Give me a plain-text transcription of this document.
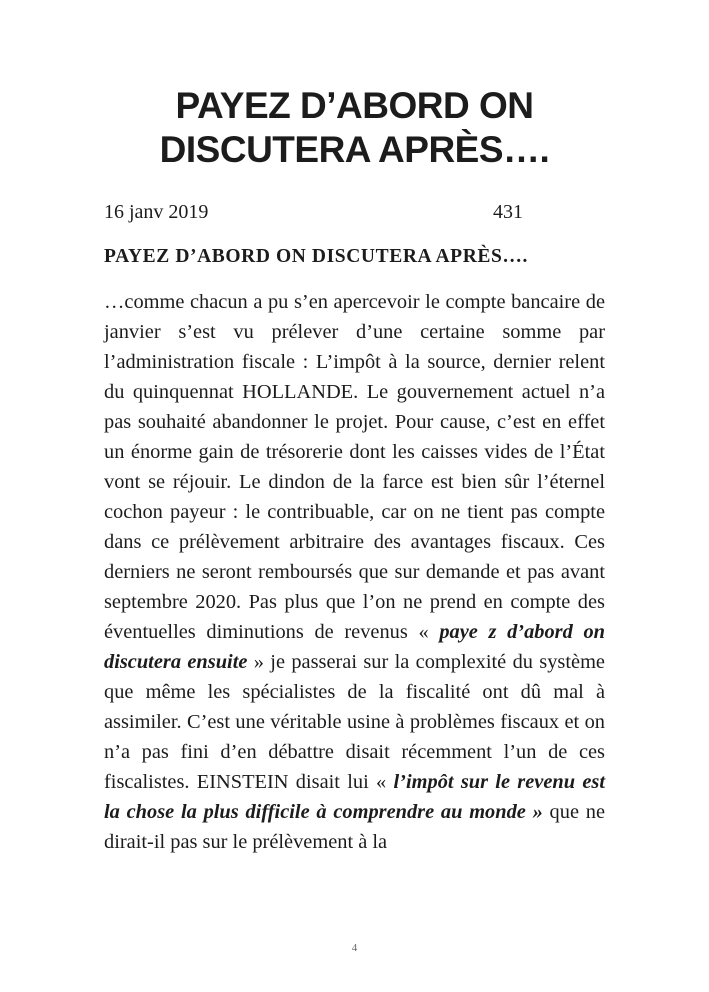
PAYEZ D’ABORD ON DISCUTERA APRÈS….
16 janv 2019	431
PAYEZ D’ABORD ON DISCUTERA APRÈS….

…comme chacun a pu s’en apercevoir le compte bancaire de janvier s’est vu prélever d’une certaine somme par l’administration fiscale : L’impôt à la source, dernier relent du quinquennat HOLLANDE. Le gouvernement actuel n’a pas souhaité abandonner le projet. Pour cause, c’est en effet un énorme gain de trésorerie dont les caisses vides de l’État vont se réjouir. Le dindon de la farce est bien sûr l’éternel cochon payeur : le contribuable, car on ne tient pas compte dans ce prélèvement arbitraire des avantages fiscaux. Ces derniers ne seront remboursés que sur demande et pas avant septembre 2020. Pas plus que l’on ne prend en compte des éventuelles diminutions de revenus « paye z d’abord on discutera ensuite » je passerai sur la complexité du système que même les spécialistes de la fiscalité ont dû mal à assimiler. C’est une véritable usine à problèmes fiscaux et on n’a pas fini d’en débattre disait récemment l’un de ces fiscalistes. EINSTEIN disait lui « l’impôt sur le revenu est la chose la plus difficile à comprendre au monde » que ne dirait-il pas sur le prélèvement à la

4
